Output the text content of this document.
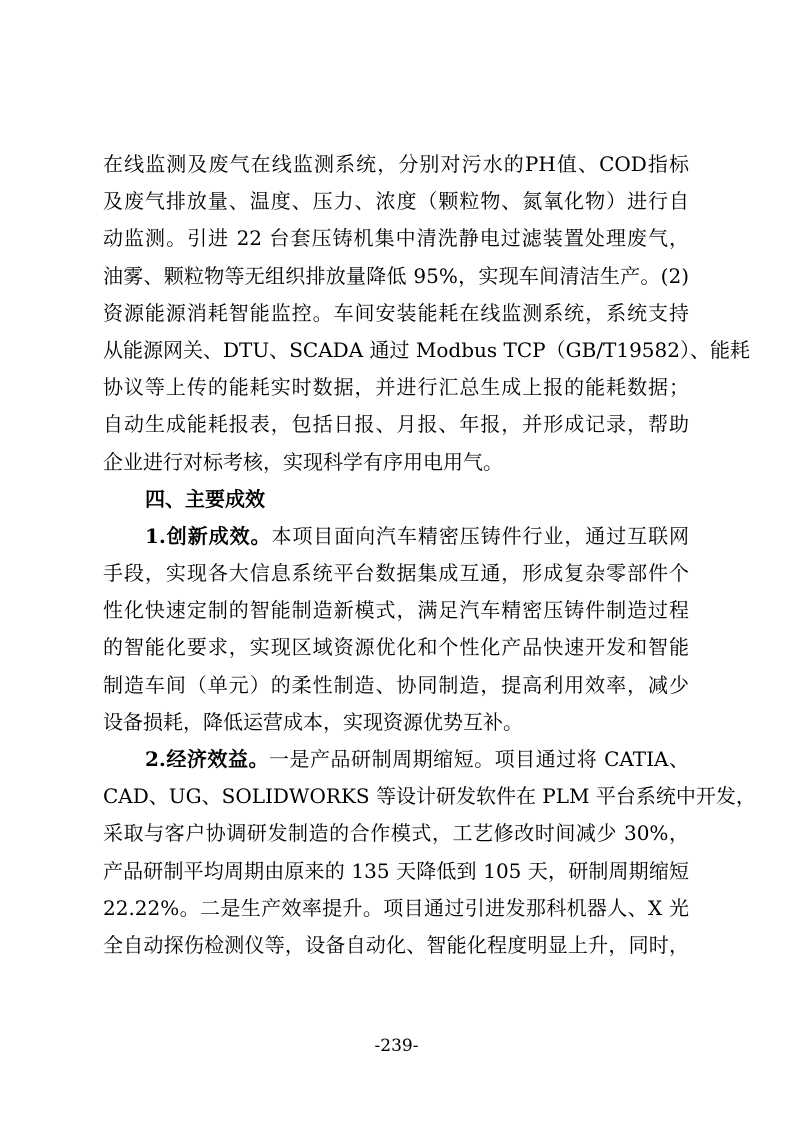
在线监测及废气在线监测系统，分别对污水的PH值、COD指标
及废气排放量、温度、压力、浓度（颗粒物、氮氧化物）进行自
动监测。引进 22 台套压铸机集中清洗静电过滤装置处理废气，
油雾、颗粒物等无组织排放量降低 95%，实现车间清洁生产。(2)
资源能源消耗智能监控。车间安装能耗在线监测系统，系统支持
从能源网关、DTU、SCADA 通过 Modbus TCP（GB/T19582）、能耗
协议等上传的能耗实时数据，并进行汇总生成上报的能耗数据；
自动生成能耗报表，包括日报、月报、年报，并形成记录，帮助
企业进行对标考核，实现科学有序用电用气。
四、主要成效
1.创新成效。本项目面向汽车精密压铸件行业，通过互联网
手段，实现各大信息系统平台数据集成互通，形成复杂零部件个
性化快速定制的智能制造新模式，满足汽车精密压铸件制造过程
的智能化要求，实现区域资源优化和个性化产品快速开发和智能
制造车间（单元）的柔性制造、协同制造，提高利用效率，减少
设备损耗，降低运营成本，实现资源优势互补。
2.经济效益。一是产品研制周期缩短。项目通过将 CATIA、
CAD、UG、SOLIDWORKS 等设计研发软件在 PLM 平台系统中开发，
采取与客户协调研发制造的合作模式，工艺修改时间减少 30%，
产品研制平均周期由原来的 135 天降低到 105 天，研制周期缩短
22.22%。二是生产效率提升。项目通过引进发那科机器人、X 光
全自动探伤检测仪等，设备自动化、智能化程度明显上升，同时，
-239-
